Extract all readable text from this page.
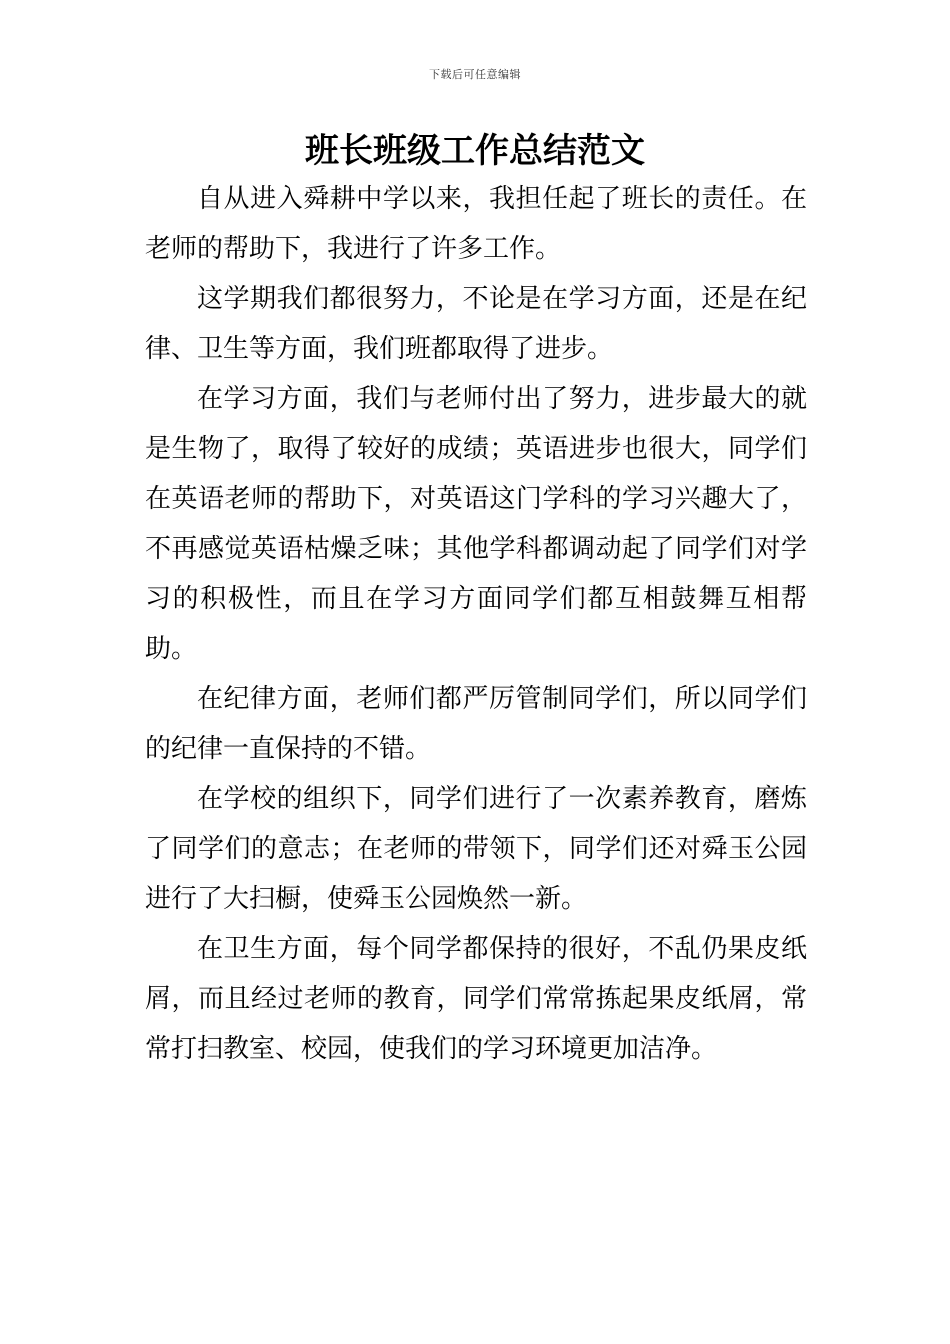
下载后可任意编辑
班长班级工作总结范文

自从进入舜耕中学以来，我担任起了班长的责任。在老师的帮助下，我进行了许多工作。

这学期我们都很努力，不论是在学习方面，还是在纪律、卫生等方面，我们班都取得了进步。

在学习方面，我们与老师付出了努力，进步最大的就是生物了，取得了较好的成绩；英语进步也很大，同学们在英语老师的帮助下，对英语这门学科的学习兴趣大了，不再感觉英语枯燥乏味；其他学科都调动起了同学们对学习的积极性，而且在学习方面同学们都互相鼓舞互相帮助。

在纪律方面，老师们都严厉管制同学们，所以同学们的纪律一直保持的不错。

在学校的组织下，同学们进行了一次素养教育，磨炼了同学们的意志；在老师的带领下，同学们还对舜玉公园进行了大扫橱，使舜玉公园焕然一新。

在卫生方面，每个同学都保持的很好，不乱仍果皮纸屑，而且经过老师的教育，同学们常常拣起果皮纸屑，常常打扫教室、校园，使我们的学习环境更加洁净。
